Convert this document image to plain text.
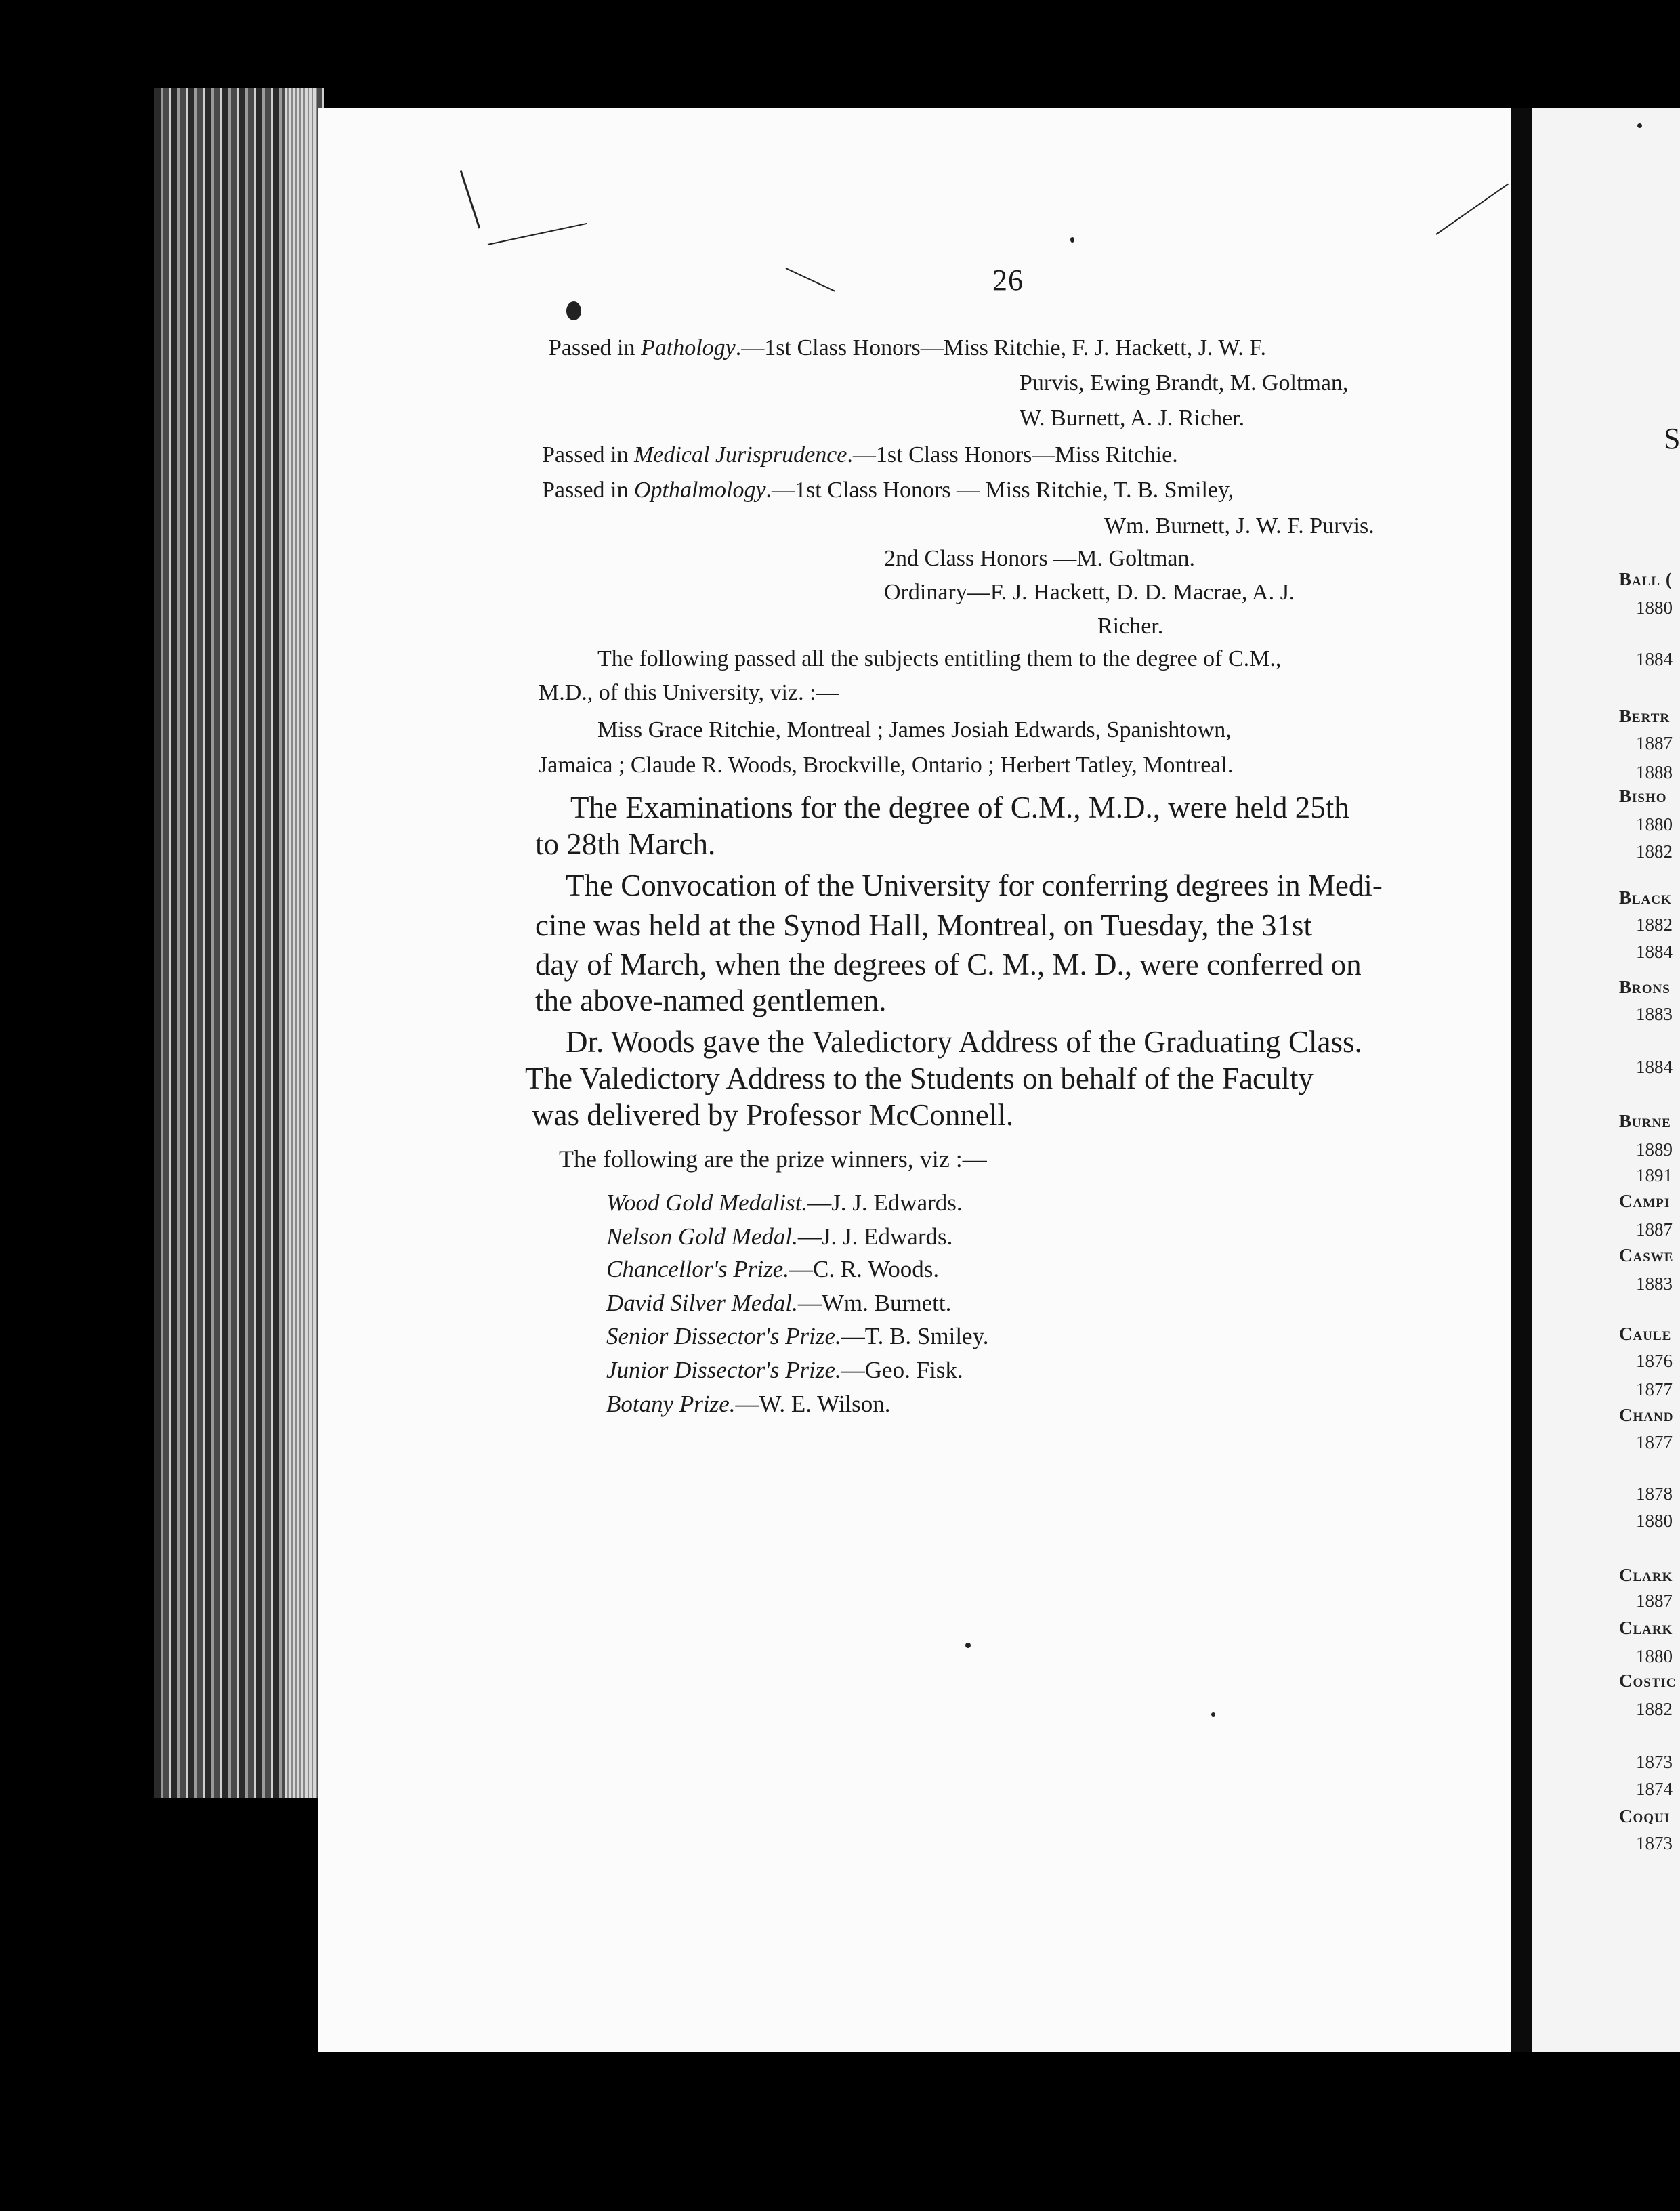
26
Passed in Pathology.—1st Class Honors—Miss Ritchie, F. J. Hackett, J. W. F.
Purvis, Ewing Brandt, M. Goltman,
W. Burnett, A. J. Richer.
Passed in Medical Jurisprudence.—1st Class Honors—Miss Ritchie.
Passed in Opthalmology.—1st Class Honors — Miss Ritchie, T. B. Smiley,
Wm. Burnett, J. W. F. Purvis.
2nd Class Honors —M. Goltman.
Ordinary—F. J. Hackett, D. D. Macrae, A. J.
Richer.
The following passed all the subjects entitling them to the degree of C.M.,
M.D., of this University, viz. :—
Miss Grace Ritchie, Montreal ; James Josiah Edwards, Spanishtown,
Jamaica ; Claude R. Woods, Brockville, Ontario ; Herbert Tatley, Montreal.
The Examinations for the degree of C.M., M.D., were held 25th
to 28th March.
The Convocation of the University for conferring degrees in Medi-
cine was held at the Synod Hall, Montreal, on Tuesday, the 31st
day of March, when the degrees of C. M., M. D., were conferred on
the above-named gentlemen.
Dr. Woods gave the Valedictory Address of the Graduating Class.
The Valedictory Address to the Students on behalf of the Faculty
was delivered by Professor McConnell.
The following are the prize winners, viz :—
Wood Gold Medalist.—J. J. Edwards.
Nelson Gold Medal.—J. J. Edwards.
Chancellor's Prize.—C. R. Woods.
David Silver Medal.—Wm. Burnett.
Senior Dissector's Prize.—T. B. Smiley.
Junior Dissector's Prize.—Geo. Fisk.
Botany Prize.—W. E. Wilson.
S
Ball (
1880
1884
Bertr
1887
1888
Bisho
1880
1882
Black
1882
1884
Brons
1883
1884
Burne
1889
1891
Campi
1887
Caswe
1883
Caule
1876
1877
Chand
1877
1878
1880
Clark
1887
Clark
1880
Costic
1882
1873
1874
Coqui
1873
